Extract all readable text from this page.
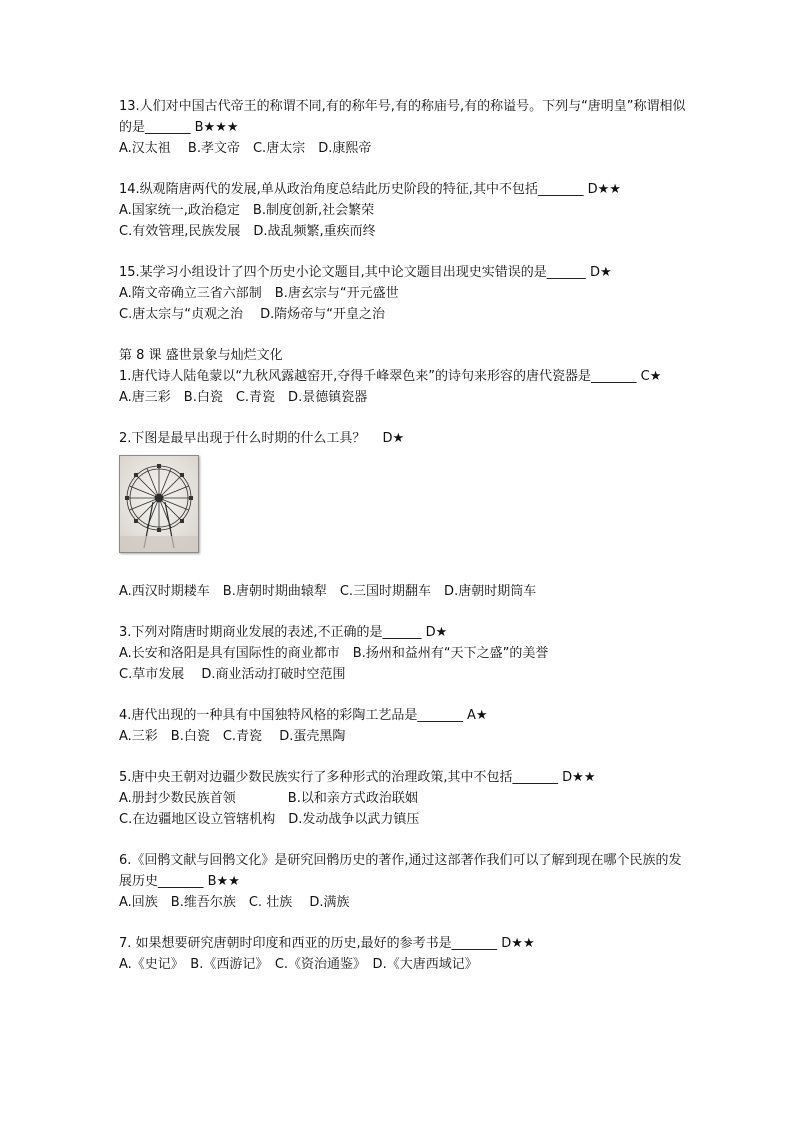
13.人们对中国古代帝王的称谓不同,有的称年号,有的称庙号,有的称谥号。下列与“唐明皇”称谓相似的是_______ B★★★
A.汉太祖　 B.孝文帝　C.唐太宗　D.康熙帝
14.纵观隋唐两代的发展,单从政治角度总结此历史阶段的特征,其中不包括_______ D★★
A.国家统一,政治稳定　B.制度创新,社会繁荣
C.有效管理,民族发展　D.战乱频繁,重疾而终
15.某学习小组设计了四个历史小论文题目,其中论文题目出现史实错误的是______ D★
A.隋文帝确立三省六部制　B.唐玄宗与“开元盛世
C.唐太宗与“贞观之治　 D.隋炀帝与“开皇之治
第 8 课 盛世景象与灿烂文化
1.唐代诗人陆龟蒙以“九秋风露越窑开,夺得千峰翠色来”的诗句来形容的唐代瓷器是_______ C★
A.唐三彩　B.白瓷　C.青瓷　D.景德镇瓷器
2.下图是最早出现于什么时期的什么工具？　 D★
A.西汉时期耧车　B.唐朝时期曲辕犁　C.三国时期翻车　D.唐朝时期筒车
3.下列对隋唐时期商业发展的表述,不正确的是______ D★
A.长安和洛阳是具有国际性的商业都市　B.扬州和益州有“天下之盛”的美誉
C.草市发展　 D.商业活动打破时空范围
4.唐代出现的一种具有中国独特风格的彩陶工艺品是_______ A★
A.三彩　B.白瓷　C.青瓷　 D.蛋壳黑陶
5.唐中央王朝对边疆少数民族实行了多种形式的治理政策,其中不包括_______ D★★
A.册封少数民族首领　　　　B.以和亲方式政治联姻
C.在边疆地区设立管辖机构　D.发动战争以武力镇压
6.《回鹘文献与回鹘文化》是研究回鹘历史的著作,通过这部著作我们可以了解到现在哪个民族的发展历史_______ B★★
A.回族　B.维吾尔族　C. 壮族　 D.满族
7. 如果想要研究唐朝时印度和西亚的历史,最好的参考书是_______ D★★
A.《史记》　B.《西游记》　C.《资治通鉴》　D.《大唐西域记》
